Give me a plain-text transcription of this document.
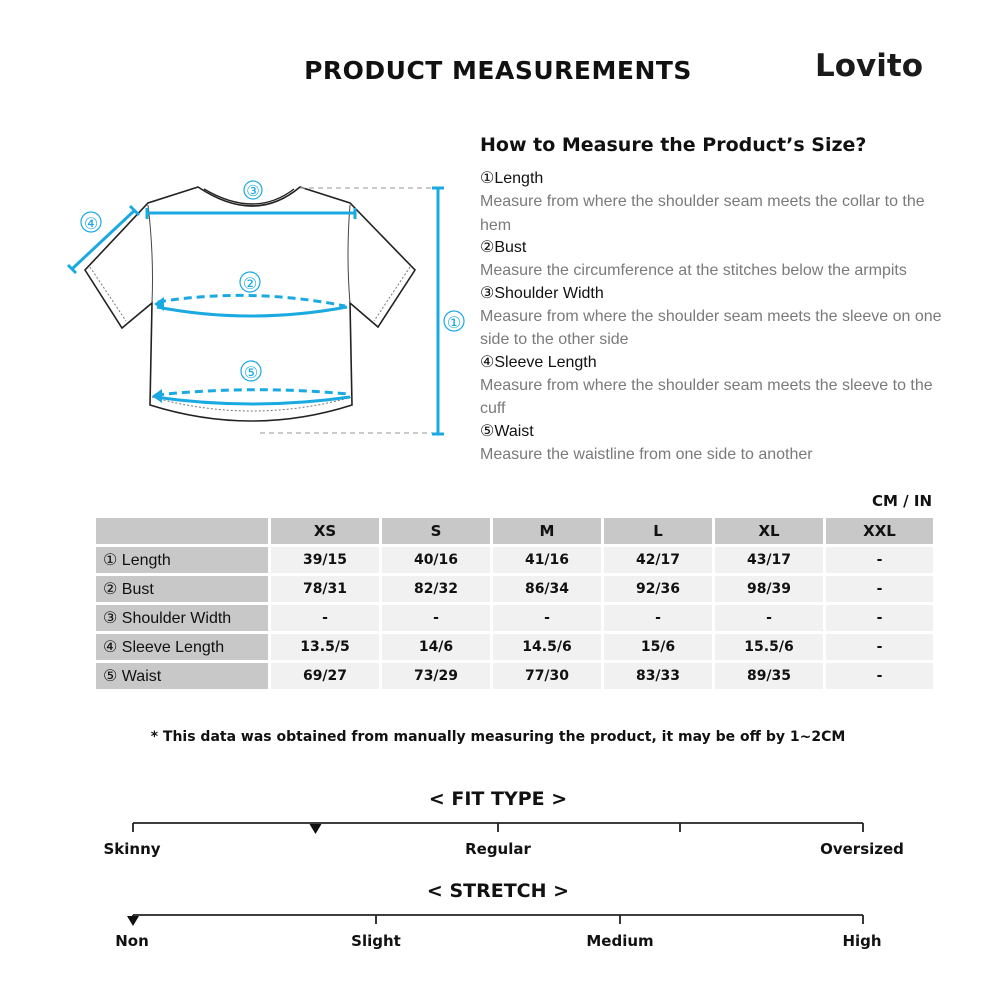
PRODUCT MEASUREMENTS	Lovito
③
④
②
⑤
①
How to Measure the Product’s Size?
①Length
Measure from where the shoulder seam meets the collar to the hem
②Bust
Measure the circumference at the stitches below the armpits
③Shoulder Width
Measure from where the shoulder seam meets the sleeve on one side to the other side
④Sleeve Length
Measure from where the shoulder seam meets the sleeve to the cuff
⑤Waist
Measure the waistline from one side to another
CM / IN
	XS	S	M	L	XL	XXL
① Length	39/15	40/16	41/16	42/17	43/17	-
② Bust	78/31	82/32	86/34	92/36	98/39	-
③ Shoulder Width	-	-	-	-	-	-
④ Sleeve Length	13.5/5	14/6	14.5/6	15/6	15.5/6	-
⑤ Waist	69/27	73/29	77/30	83/33	89/35	-
* This data was obtained from manually measuring the product, it may be off by 1~2CM
< FIT TYPE >
Skinny	Regular	Oversized
< STRETCH >
Non	Slight	Medium	High
